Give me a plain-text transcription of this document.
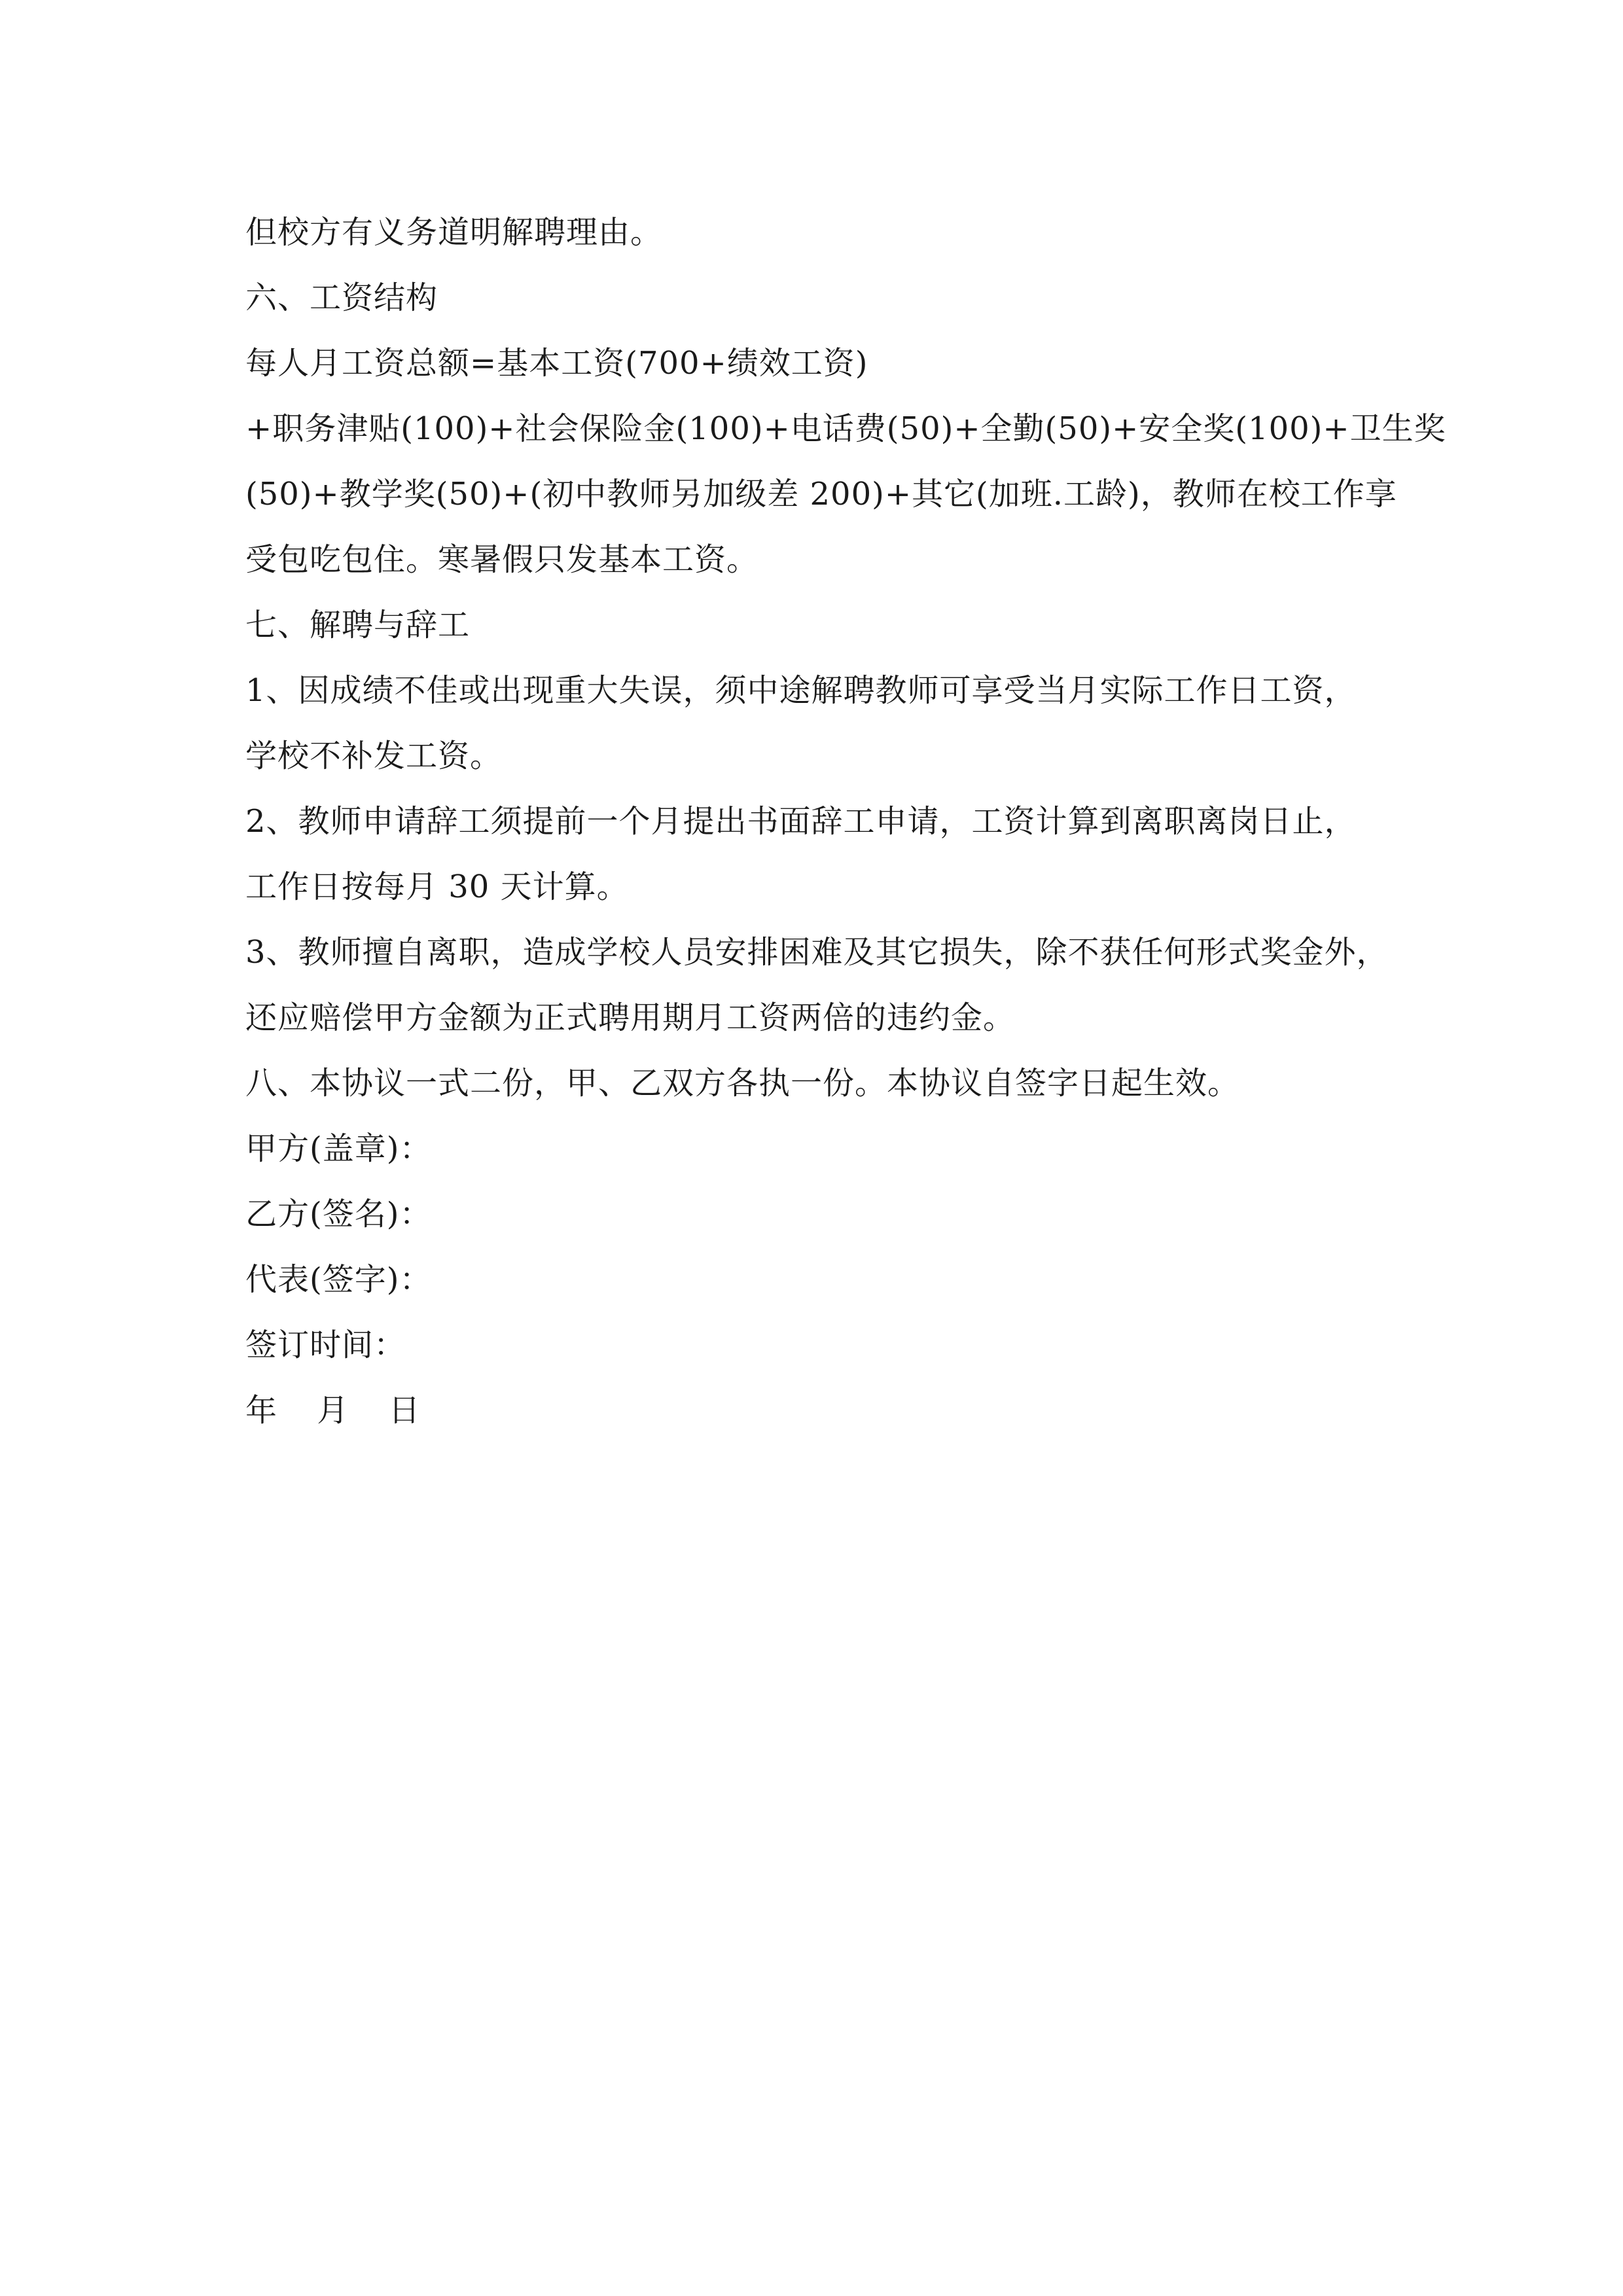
但校方有义务道明解聘理由。
六、工资结构
每人月工资总额=基本工资(700+绩效工资)
+职务津贴(100)+社会保险金(100)+电话费(50)+全勤(50)+安全奖(100)+卫生奖
(50)+教学奖(50)+(初中教师另加级差 200)+其它(加班.工龄)，教师在校工作享
受包吃包住。寒暑假只发基本工资。
七、解聘与辞工
1、因成绩不佳或出现重大失误，须中途解聘教师可享受当月实际工作日工资，
学校不补发工资。
2、教师申请辞工须提前一个月提出书面辞工申请，工资计算到离职离岗日止，
工作日按每月 30 天计算。
3、教师擅自离职，造成学校人员安排困难及其它损失，除不获任何形式奖金外，
还应赔偿甲方金额为正式聘用期月工资两倍的违约金。
八、本协议一式二份，甲、乙双方各执一份。本协议自签字日起生效。
甲方(盖章)：
乙方(签名)：
代表(签字)：
签订时间：
年 月 日
